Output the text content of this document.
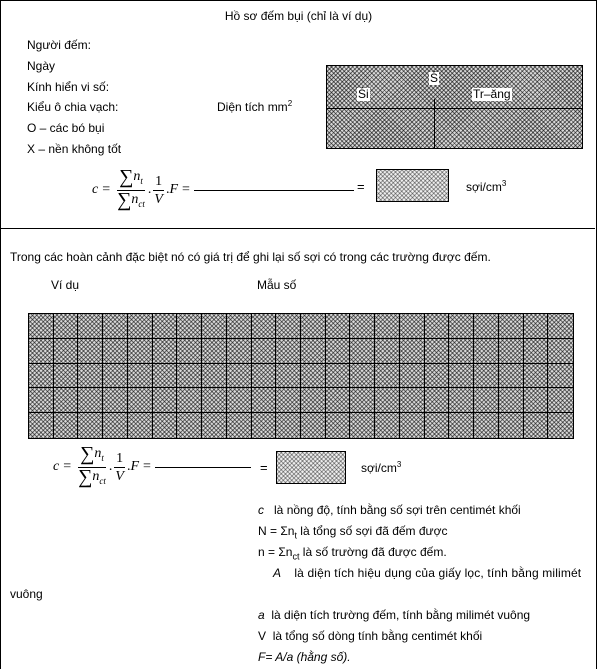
Hồ sơ đếm bụi (chỉ là ví dụ)
Người đếm:
Ngày
Kính hiển vi số:
Kiểu ô chia vạch:
O – các bó bụi
X – nền không tốt
Diện tích $mm^2$
Ś
Śi	Tr–ăng
$c = \frac{\sum n_t}{\sum n_{ct}}$ . $\frac{1}{V}$ . F =	=	sợi/$cm^3$
Trong các hoàn cảnh đặc biệt nó có giá trị để ghi lại số sợi có trong các trường được đếm.
Ví dụ	Mẫu số
$c = \frac{\sum n_t}{\sum n_{ct}}$ . $\frac{1}{V}$ . F =	=	sợi/$cm^3$
c là nồng độ, tính bằng số sợi trên centimét khối
$N = \Sigma n_t$ là tổng số sợi đã đếm được
$n = \Sigma n_{ct}$ là số trường đã được đếm.
A là diện tích hiệu dụng của giấy lọc, tính bằng milimét
vuông
a là diện tích trường đếm, tính bằng milimét vuông
V là tổng số dòng tính bằng centimét khối
F= A/a (hằng số).
